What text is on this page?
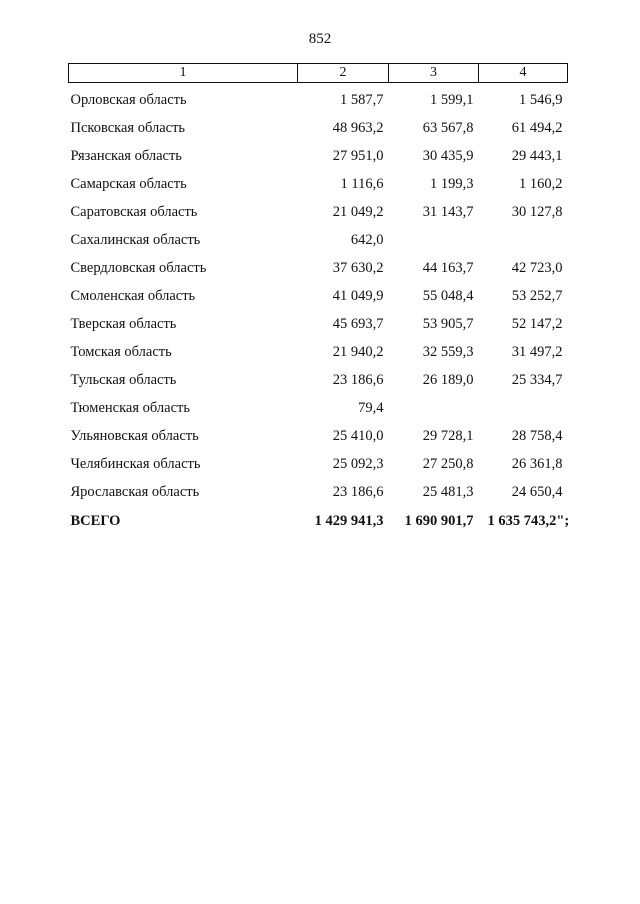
852
1	2	3	4
Орловская область	1 587,7	1 599,1	1 546,9
Псковская область	48 963,2	63 567,8	61 494,2
Рязанская область	27 951,0	30 435,9	29 443,1
Самарская область	1 116,6	1 199,3	1 160,2
Саратовская область	21 049,2	31 143,7	30 127,8
Сахалинская область	642,0		
Свердловская область	37 630,2	44 163,7	42 723,0
Смоленская область	41 049,9	55 048,4	53 252,7
Тверская область	45 693,7	53 905,7	52 147,2
Томская область	21 940,2	32 559,3	31 497,2
Тульская область	23 186,6	26 189,0	25 334,7
Тюменская область	79,4		
Ульяновская область	25 410,0	29 728,1	28 758,4
Челябинская область	25 092,3	27 250,8	26 361,8
Ярославская область	23 186,6	25 481,3	24 650,4
ВСЕГО	1 429 941,3	1 690 901,7	1 635 743,2";
